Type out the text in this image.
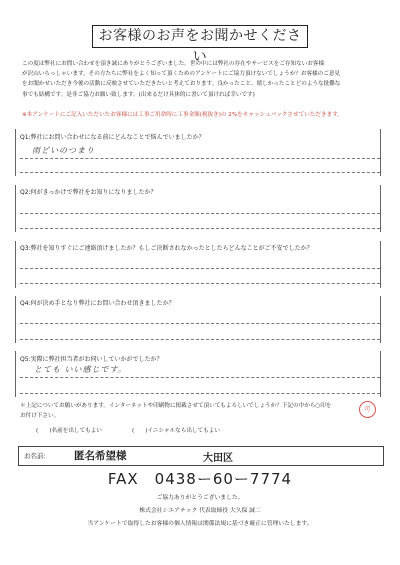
お客様のお声をお聞かせください
この度は弊社にお問い合わせを頂き誠にありがとうございました。世の中には弊社の存在やサービスをご存知ないお客様
が沢山いらっしゃいます。その方たちに弊社をよく知って頂くためのアンケートにご協力頂けないでしょうか？お客様のご意見
をお聞かせいただき今後の活動に反映させていただきたいと考えております。良かったこと、嬉しかったことどのような批難な
事でも結構です。是非ご協力お願い致します。(出来るだけ具体的に書いて頂ければ幸いです)
※本アンケートにご記入いただいたお客様には工事ご用命時に工事金額(税抜き)の 2%をキャッシュバックさせていただきます。
Q1:弊社にお問い合わせになる前にどんなことで悩んでいましたか？
雨どいのつまり
Q2:何がきっかけで弊社をお知りになりましたか？
Q3:弊社を知りすぐにご連絡頂けましたか？もしご決断されなかったとしたらどんなことがご不安でしたか？
Q4:何が決め手となり弊社にお問い合わせ頂きましたか？
Q5:実際に弊社担当者がお伺いしていかがでしたか？
とても いい感じです。
＊上記についてお願いがあります。インターネットや印刷物に掲載させて頂いてもよろしいでしょうか？下記の中から○印を
お付け下さい。
可
(　　)名前を出してもよい	(　　)イニシャルなら出してもよい
お名前:	匿名希望様	大田区
FAX　0438ー60ー7774
ご協力ありがとうございました。
株式会社シエアテック 代表取締役 大久保 誠二
当アンケートで取得したお客様の個人情報は関係法規に基づき厳正に管理いたします。
